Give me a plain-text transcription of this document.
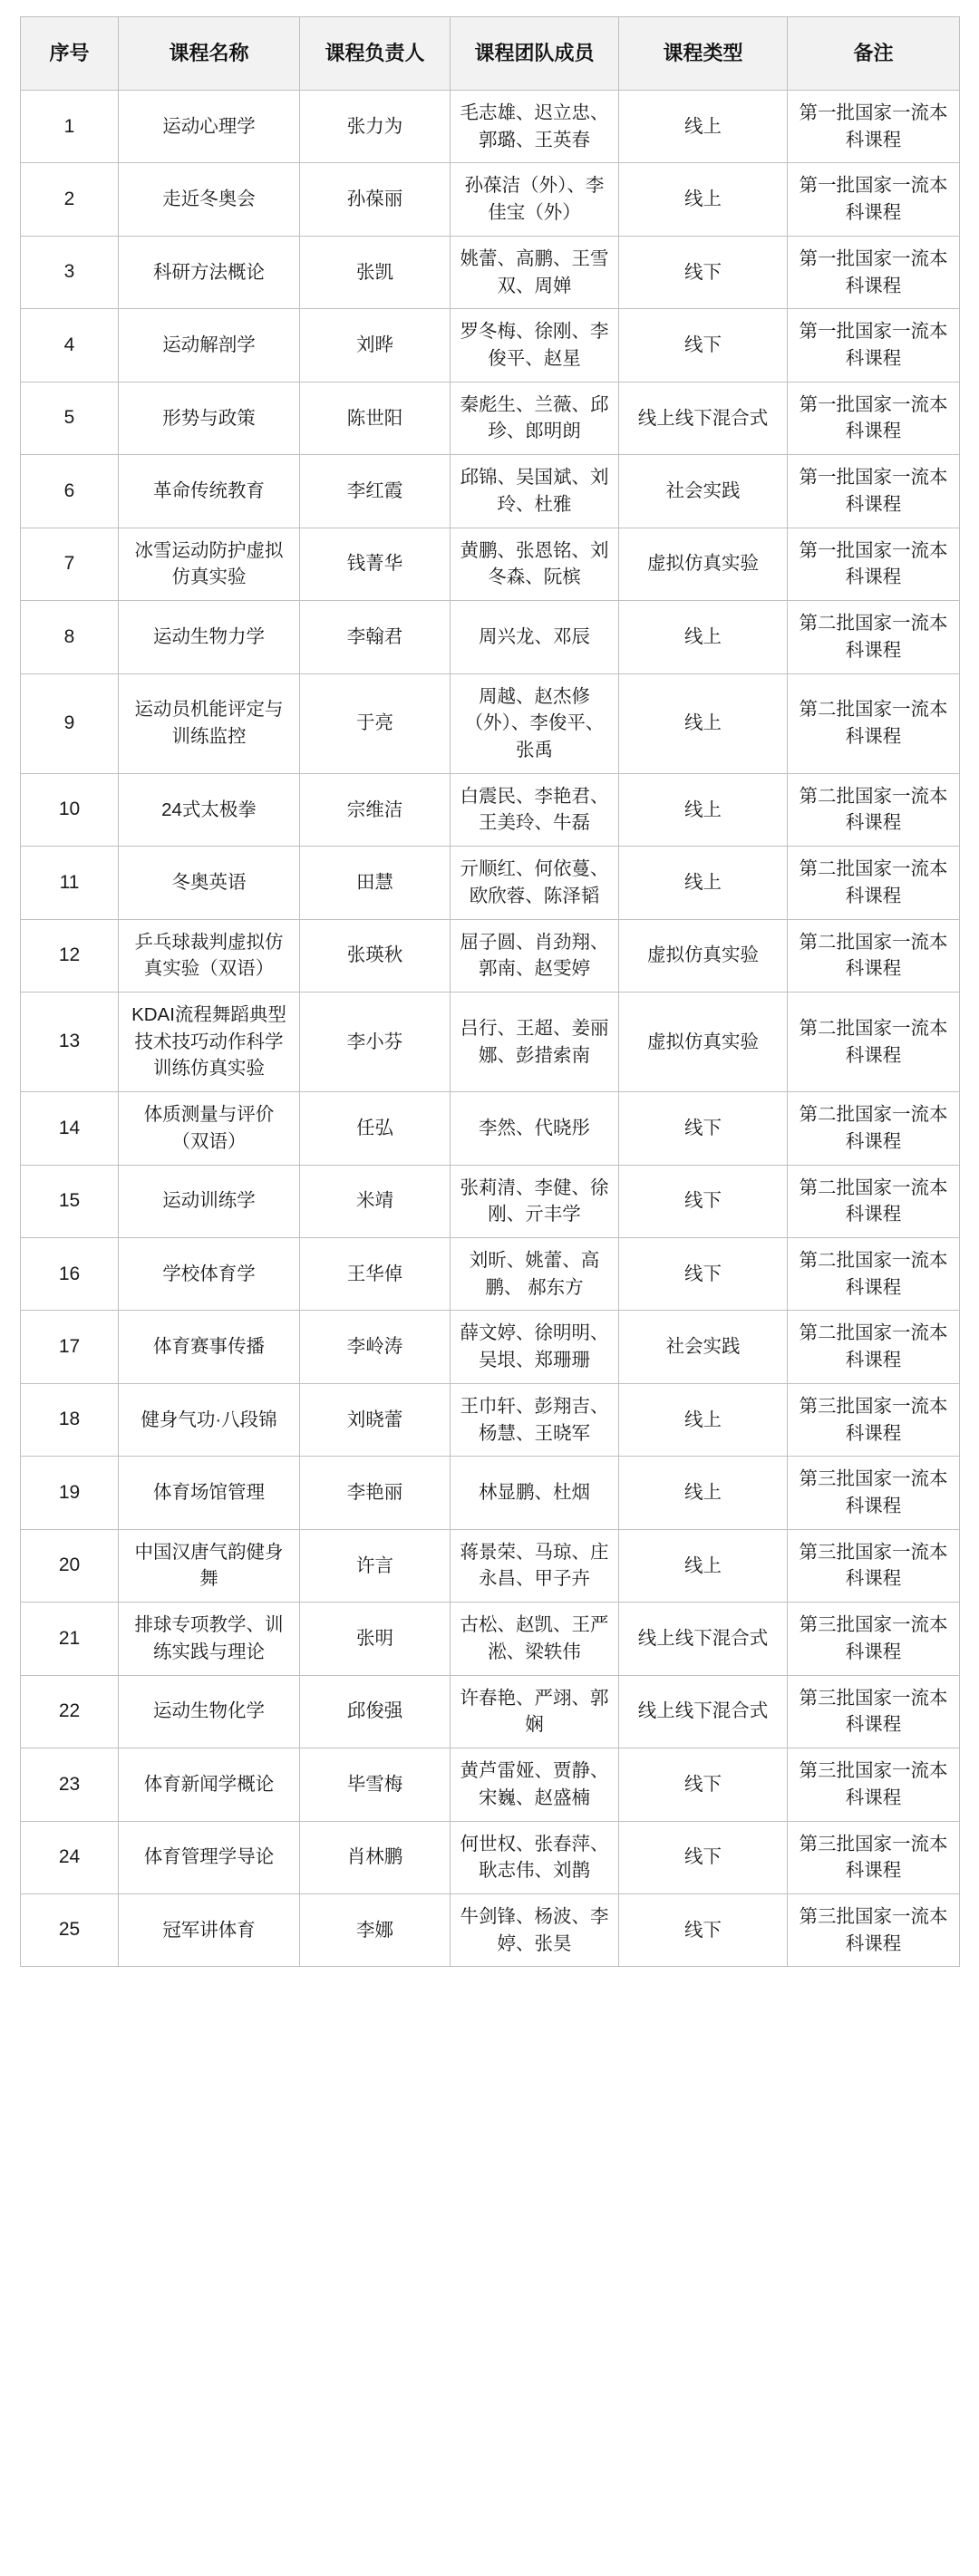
序号	课程名称	课程负责人	课程团队成员	课程类型	备注
1	运动心理学	张力为	毛志雄、迟立忠、郭璐、王英春	线上	第一批国家一流本科课程
2	走近冬奥会	孙葆丽	孙葆洁（外）、李佳宝（外）	线上	第一批国家一流本科课程
3	科研方法概论	张凯	姚蕾、高鹏、王雪双、周婵	线下	第一批国家一流本科课程
4	运动解剖学	刘晔	罗冬梅、徐刚、李俊平、赵星	线下	第一批国家一流本科课程
5	形势与政策	陈世阳	秦彪生、兰薇、邱珍、郎明朗	线上线下混合式	第一批国家一流本科课程
6	革命传统教育	李红霞	邱锦、吴国斌、刘玲、杜雅	社会实践	第一批国家一流本科课程
7	冰雪运动防护虚拟仿真实验	钱菁华	黄鹏、张恩铭、刘冬森、阮槟	虚拟仿真实验	第一批国家一流本科课程
8	运动生物力学	李翰君	周兴龙、邓辰	线上	第二批国家一流本科课程
9	运动员机能评定与训练监控	于亮	周越、赵杰修（外）、李俊平、张禹	线上	第二批国家一流本科课程
10	24式太极拳	宗维洁	白震民、李艳君、 王美玲、牛磊	线上	第二批国家一流本科课程
11	冬奥英语	田慧	亓顺红、何依蔓、欧欣蓉、陈泽韬	线上	第二批国家一流本科课程
12	乒乓球裁判虚拟仿真实验（双语）	张瑛秋	屈子圆、肖劲翔、郭南、赵雯婷	虚拟仿真实验	第二批国家一流本科课程
13	KDAI流程舞蹈典型技术技巧动作科学训练仿真实验	李小芬	吕行、王超、姜丽娜、彭措索南	虚拟仿真实验	第二批国家一流本科课程
14	体质测量与评价（双语）	任弘	李然、代晓彤	线下	第二批国家一流本科课程
15	运动训练学	米靖	张莉清、李健、徐刚、亓丰学	线下	第二批国家一流本科课程
16	学校体育学	王华倬	刘昕、姚蕾、高鹏、 郝东方	线下	第二批国家一流本科课程
17	体育赛事传播	李岭涛	薛文婷、徐明明、吴垠、郑珊珊	社会实践	第二批国家一流本科课程
18	健身气功·八段锦	刘晓蕾	王巾轩、彭翔吉、杨慧、王晓军	线上	第三批国家一流本科课程
19	体育场馆管理	李艳丽	林显鹏、杜烟	线上	第三批国家一流本科课程
20	中国汉唐气韵健身舞	许言	蒋景荣、马琼、庄永昌、甲子卉	线上	第三批国家一流本科课程
21	排球专项教学、训练实践与理论	张明	古松、赵凯、王严淞、梁轶伟	线上线下混合式	第三批国家一流本科课程
22	运动生物化学	邱俊强	许春艳、严翊、郭娴	线上线下混合式	第三批国家一流本科课程
23	体育新闻学概论	毕雪梅	黄芦雷娅、贾静、宋巍、赵盛楠	线下	第三批国家一流本科课程
24	体育管理学导论	肖林鹏	何世权、张春萍、 耿志伟、刘鹊	线下	第三批国家一流本科课程
25	冠军讲体育	李娜	牛剑锋、杨波、李婷、张昊	线下	第三批国家一流本科课程
